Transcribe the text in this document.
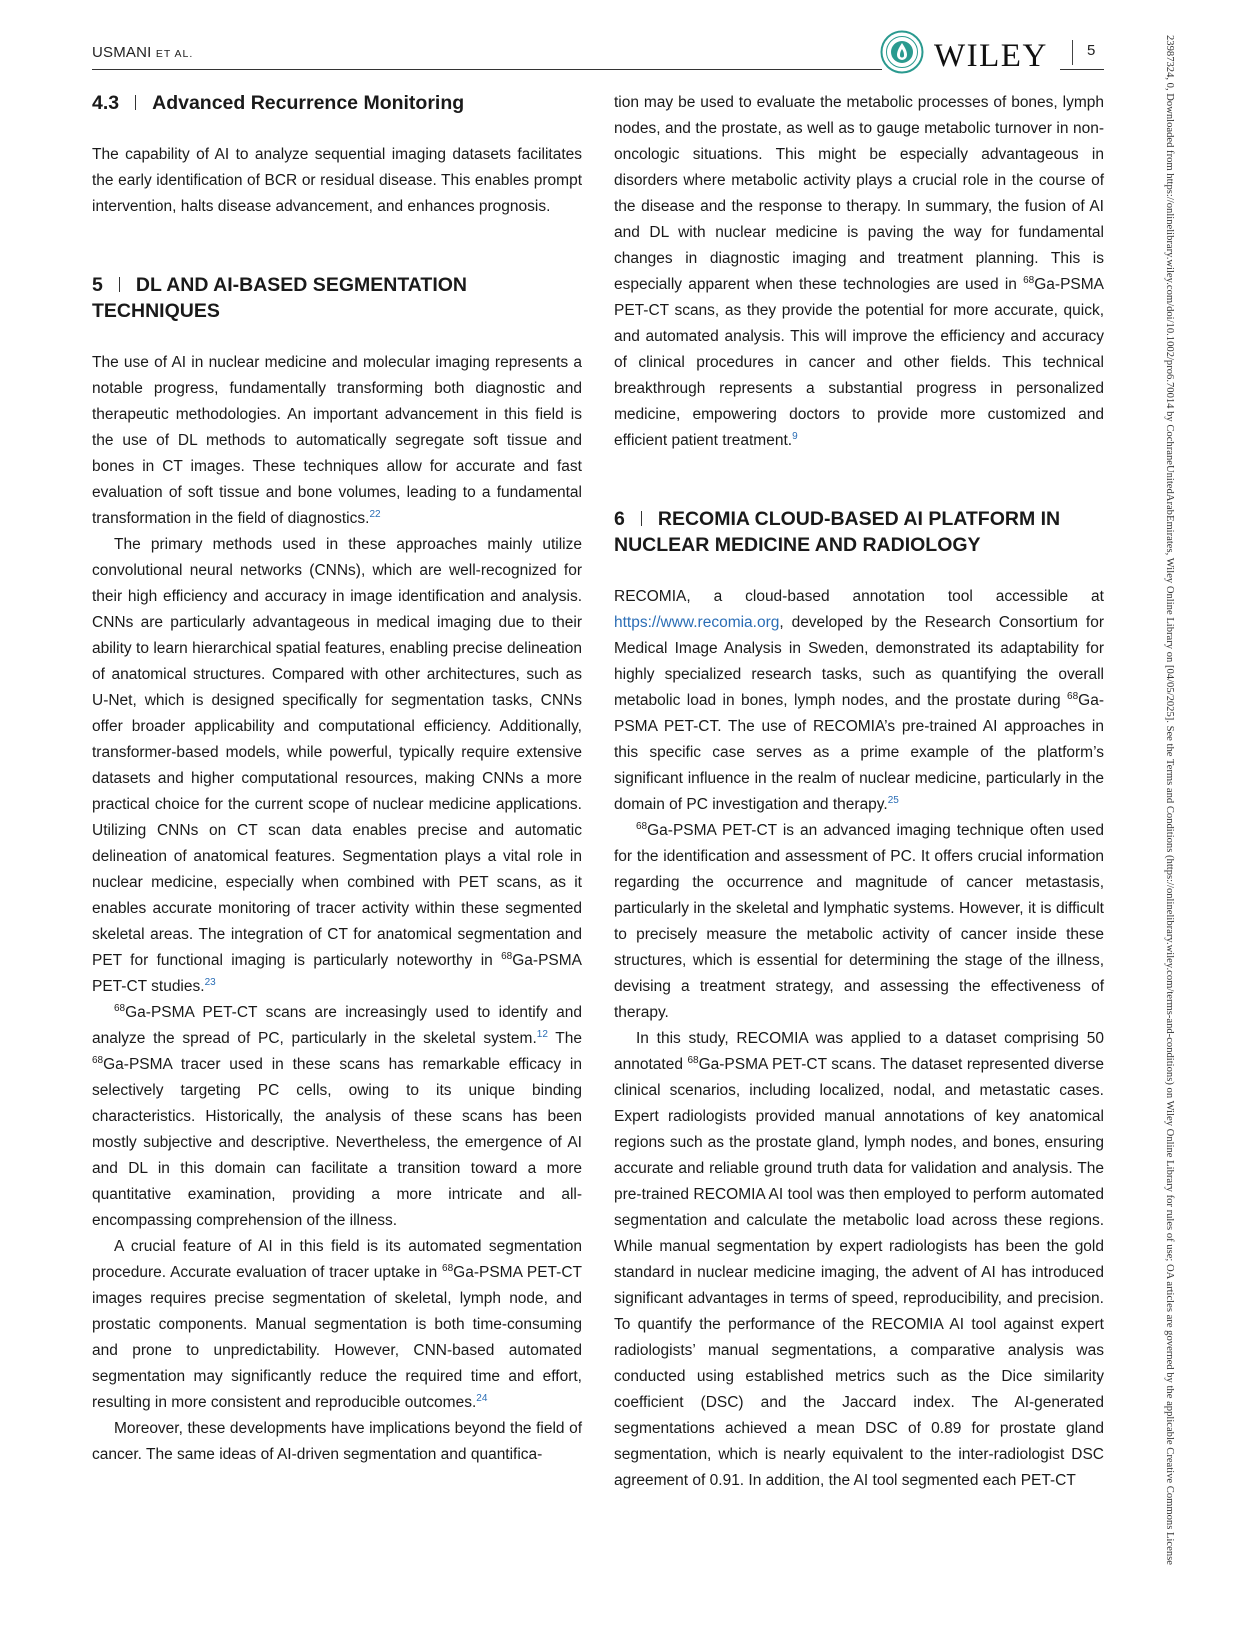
USMANI ET AL.	WILEY	5
4.3 Advanced Recurrence Monitoring

The capability of AI to analyze sequential imaging datasets facilitates the early identification of BCR or residual disease. This enables prompt intervention, halts disease advancement, and enhances prognosis.

5 DL AND AI-BASED SEGMENTATION TECHNIQUES

The use of AI in nuclear medicine and molecular imaging represents a notable progress, fundamentally transforming both diagnostic and therapeutic methodologies. An important advancement in this field is the use of DL methods to automatically segregate soft tissue and bones in CT images. These techniques allow for accurate and fast evaluation of soft tissue and bone volumes, leading to a fundamental transformation in the field of diagnostics.$^{22}$

The primary methods used in these approaches mainly utilize convolutional neural networks (CNNs), which are well-recognized for their high efficiency and accuracy in image identification and analysis. CNNs are particularly advantageous in medical imaging due to their ability to learn hierarchical spatial features, enabling precise delineation of anatomical structures. Compared with other architectures, such as U-Net, which is designed specifically for segmentation tasks, CNNs offer broader applicability and computational efficiency. Additionally, transformer-based models, while powerful, typically require extensive datasets and higher computational resources, making CNNs a more practical choice for the current scope of nuclear medicine applications. Utilizing CNNs on CT scan data enables precise and automatic delineation of anatomical features. Segmentation plays a vital role in nuclear medicine, especially when combined with PET scans, as it enables accurate monitoring of tracer activity within these segmented skeletal areas. The integration of CT for anatomical segmentation and PET for functional imaging is particularly noteworthy in $^{68}$Ga-PSMA PET-CT studies.$^{23}$

$^{68}$Ga-PSMA PET-CT scans are increasingly used to identify and analyze the spread of PC, particularly in the skeletal system.$^{12}$ The $^{68}$Ga-PSMA tracer used in these scans has remarkable efficacy in selectively targeting PC cells, owing to its unique binding characteristics. Historically, the analysis of these scans has been mostly subjective and descriptive. Nevertheless, the emergence of AI and DL in this domain can facilitate a transition toward a more quantitative examination, providing a more intricate and all-encompassing comprehension of the illness.

A crucial feature of AI in this field is its automated segmentation procedure. Accurate evaluation of tracer uptake in $^{68}$Ga-PSMA PET-CT images requires precise segmentation of skeletal, lymph node, and prostatic components. Manual segmentation is both time-consuming and prone to unpredictability. However, CNN-based automated segmentation may significantly reduce the required time and effort, resulting in more consistent and reproducible outcomes.$^{24}$

Moreover, these developments have implications beyond the field of cancer. The same ideas of AI-driven segmentation and quantifica-

tion may be used to evaluate the metabolic processes of bones, lymph nodes, and the prostate, as well as to gauge metabolic turnover in non-oncologic situations. This might be especially advantageous in disorders where metabolic activity plays a crucial role in the course of the disease and the response to therapy. In summary, the fusion of AI and DL with nuclear medicine is paving the way for fundamental changes in diagnostic imaging and treatment planning. This is especially apparent when these technologies are used in $^{68}$Ga-PSMA PET-CT scans, as they provide the potential for more accurate, quick, and automated analysis. This will improve the efficiency and accuracy of clinical procedures in cancer and other fields. This technical breakthrough represents a substantial progress in personalized medicine, empowering doctors to provide more customized and efficient patient treatment.$^9$

6 RECOMIA CLOUD-BASED AI PLATFORM IN NUCLEAR MEDICINE AND RADIOLOGY

RECOMIA, a cloud-based annotation tool accessible at https://www.recomia.org, developed by the Research Consortium for Medical Image Analysis in Sweden, demonstrated its adaptability for highly specialized research tasks, such as quantifying the overall metabolic load in bones, lymph nodes, and the prostate during $^{68}$Ga-PSMA PET-CT. The use of RECOMIA’s pre-trained AI approaches in this specific case serves as a prime example of the platform’s significant influence in the realm of nuclear medicine, particularly in the domain of PC investigation and therapy.$^{25}$

$^{68}$Ga-PSMA PET-CT is an advanced imaging technique often used for the identification and assessment of PC. It offers crucial information regarding the occurrence and magnitude of cancer metastasis, particularly in the skeletal and lymphatic systems. However, it is difficult to precisely measure the metabolic activity of cancer inside these structures, which is essential for determining the stage of the illness, devising a treatment strategy, and assessing the effectiveness of therapy.

In this study, RECOMIA was applied to a dataset comprising 50 annotated $^{68}$Ga-PSMA PET-CT scans. The dataset represented diverse clinical scenarios, including localized, nodal, and metastatic cases. Expert radiologists provided manual annotations of key anatomical regions such as the prostate gland, lymph nodes, and bones, ensuring accurate and reliable ground truth data for validation and analysis. The pre-trained RECOMIA AI tool was then employed to perform automated segmentation and calculate the metabolic load across these regions. While manual segmentation by expert radiologists has been the gold standard in nuclear medicine imaging, the advent of AI has introduced significant advantages in terms of speed, reproducibility, and precision. To quantify the performance of the RECOMIA AI tool against expert radiologists’ manual segmentations, a comparative analysis was conducted using established metrics such as the Dice similarity coefficient (DSC) and the Jaccard index. The AI-generated segmentations achieved a mean DSC of 0.89 for prostate gland segmentation, which is nearly equivalent to the inter-radiologist DSC agreement of 0.91. In addition, the AI tool segmented each PET-CT	23987324, 0, Downloaded from https://onlinelibrary.wiley.com/doi/10.1002/pro6.70014 by CochraneUnitedArabEmirates, Wiley Online Library on [04/05/2025]. See the Terms and Conditions (https://onlinelibrary.wiley.com/terms-and-conditions) on Wiley Online Library for rules of use; OA articles are governed by the applicable Creative Commons License
